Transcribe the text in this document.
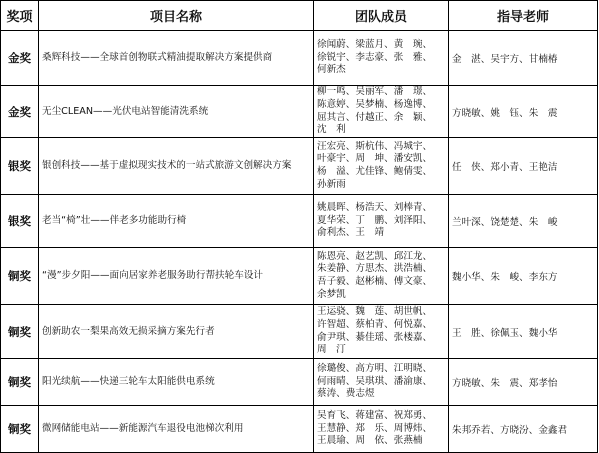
奖项	项目名称	团队成员	指导老师
金奖	桑辉科技——全球首创物联式精油提取解决方案提供商	徐闻蔚、梁蓝月、黄　琬、
徐锐宇、李志豪、张　雅、
何新杰	金　湛、吴宇方、甘楠椿
金奖	无尘CLEAN——光伏电站智能清洗系统	柳一鸣、吴丽军、潘　璟、
陈意婷、吴梦楠、杨逸博、
屈其言、付越正、余　颖、
沈　利	方晓敏、姚　钰、朱　震
银奖	银创科技——基于虚拟现实技术的一站式旅游文创解决方案	汪宏亮、斯杭伟、冯城宇、
叶豪宇、周　坤、潘安凯、
杨　溢、尤佳锋、鲍倩雯、
孙新雨	任　侠、郑小青、王艳洁
银奖	老当“椅”壮——伴老多功能助行椅	姚晨晖、杨浩天、刘棒青、
夏华荣、丁　鹏、刘泽阳、
俞利杰、王　靖	兰叶深、饶楚楚、朱　峻
铜奖	“漫”步夕阳——面向居家养老服务助行帮扶轮车设计	陈恩亮、赵艺凯、邱江龙、
朱姜静、方思杰、洪浩楠、
吾子毅、赵彬楠、傅文豪、
余梦凯	魏小华、朱　峻、李东方
铜奖	创新助农一梨果高效无损采摘方案先行者	王运骁、魏　莲、胡世帆、
许智超、蔡柏青、何悦嘉、
俞尹琪、綦佳瑶、张楼嘉、
周　汀	王　胜、徐佩玉、魏小华
铜奖	阳光续航——快递三轮车太阳能供电系统	徐璐俊、高方明、江明晓、
何雨晴、吴琪琪、潘渝康、
蔡涛、费志煜	方晓敏、朱　震、郑孝怡
铜奖	微网储能电站——新能源汽车退役电池梯次利用	吴育飞、蒋建富、祝郑勇、
王慧静、郑　乐、周博炜、
王晨瑜、周　依、张燕楠	朱邦乔若、方晓汾、金鑫君
